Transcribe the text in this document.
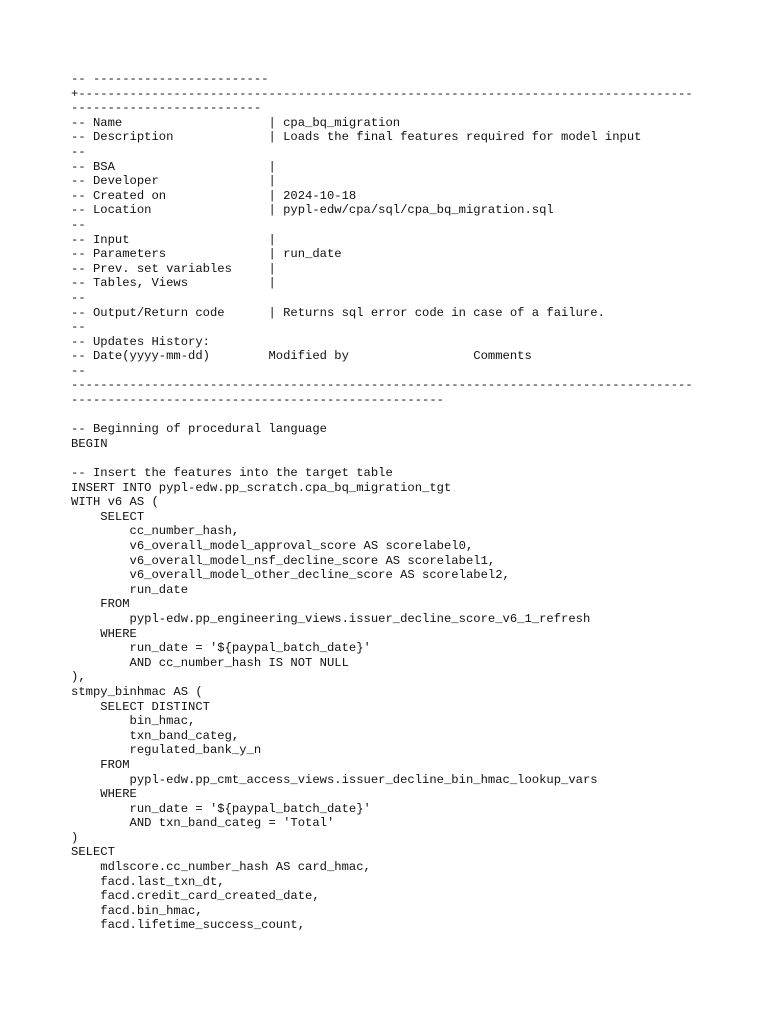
-- ------------------------
+------------------------------------------------------------------------------------
--------------------------
-- Name                    | cpa_bq_migration
-- Description             | Loads the final features required for model input
--
-- BSA                     |
-- Developer               |
-- Created on              | 2024-10-18
-- Location                | pypl-edw/cpa/sql/cpa_bq_migration.sql
--
-- Input                   |
-- Parameters              | run_date
-- Prev. set variables     |
-- Tables, Views           |
--
-- Output/Return code      | Returns sql error code in case of a failure.
--
-- Updates History:
-- Date(yyyy-mm-dd)        Modified by                 Comments
--
-------------------------------------------------------------------------------------
---------------------------------------------------
-- Beginning of procedural language
BEGIN
-- Insert the features into the target table
INSERT INTO pypl-edw.pp_scratch.cpa_bq_migration_tgt
WITH v6 AS (
SELECT
cc_number_hash,
v6_overall_model_approval_score AS scorelabel0,
v6_overall_model_nsf_decline_score AS scorelabel1,
v6_overall_model_other_decline_score AS scorelabel2,
run_date
FROM
pypl-edw.pp_engineering_views.issuer_decline_score_v6_1_refresh
WHERE
run_date = '${paypal_batch_date}'
AND cc_number_hash IS NOT NULL
),
stmpy_binhmac AS (
SELECT DISTINCT
bin_hmac,
txn_band_categ,
regulated_bank_y_n
FROM
pypl-edw.pp_cmt_access_views.issuer_decline_bin_hmac_lookup_vars
WHERE
run_date = '${paypal_batch_date}'
AND txn_band_categ = 'Total'
)
SELECT
mdlscore.cc_number_hash AS card_hmac,
facd.last_txn_dt,
facd.credit_card_created_date,
facd.bin_hmac,
facd.lifetime_success_count,
